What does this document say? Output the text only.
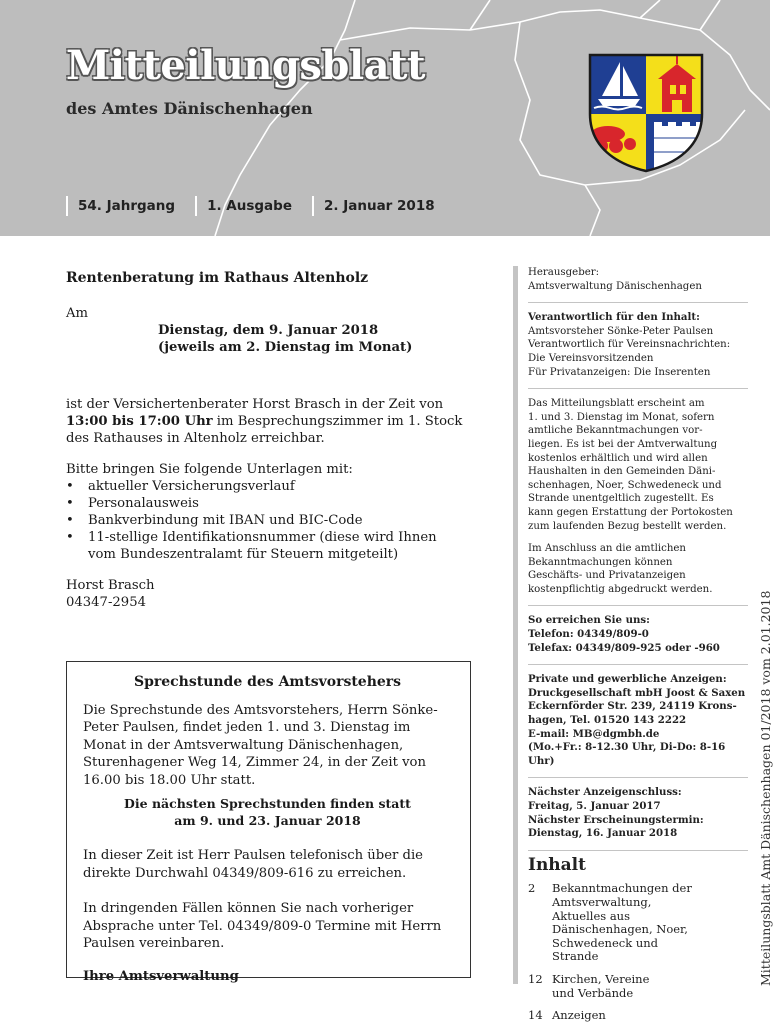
Mitteilungsblatt
des Amtes Dänischenhagen
54. Jahrgang	1. Ausgabe	2. Januar 2018
Rentenberatung im Rathaus Altenholz

Am

Dienstag, dem 9. Januar 2018

(jeweils am 2. Dienstag im Monat)

ist der Versichertenberater Horst Brasch in der Zeit von
13:00 bis 17:00 Uhr im Besprechungszimmer im 1. Stock des Rathauses in Altenholz erreichbar.

Bitte bringen Sie folgende Unterlagen mit:

• aktueller Versicherungsverlauf
• Personalausweis
• Bankverbindung mit IBAN und BIC-Code
• 11-stellige Identifikationsnummer (diese wird Ihnen vom Bundeszentralamt für Steuern mitgeteilt)

Horst Brasch

04347-2954

Sprechstunde des Amtsvorstehers

Die Sprechstunde des Amtsvorstehers, Herrn Sönke-Peter Paulsen, findet jeden 1. und 3. Dienstag im Monat in der Amtsverwaltung Dänischenhagen, Sturenhagener Weg 14, Zimmer 24, in der Zeit von 16.00 bis 18.00 Uhr statt.

Die nächsten Sprechstunden finden statt
am 9. und 23. Januar 2018

In dieser Zeit ist Herr Paulsen telefonisch über die direkte Durchwahl 04349/809-616 zu erreichen.

In dringenden Fällen können Sie nach vorheriger Absprache unter Tel. 04349/809-0 Termine mit Herrn Paulsen vereinbaren.

Ihre Amtsverwaltung

Herausgeber:
Amtsverwaltung Dänischenhagen
Verantwortlich für den Inhalt:
Amtsvorsteher Sönke-Peter Paulsen
Verantwortlich für Vereinsnachrichten:
Die Vereinsvorsitzenden
Für Privatanzeigen: Die Inserenten
Das Mitteilungsblatt erscheint am
1. und 3. Dienstag im Monat, sofern
amtliche Bekanntmachungen vor-
liegen. Es ist bei der Amtverwaltung
kostenlos erhältlich und wird allen
Haushalten in den Gemeinden Däni-
schenhagen, Noer, Schwedeneck und
Strande unentgeltlich zugestellt. Es
kann gegen Erstattung der Portokosten
zum laufenden Bezug bestellt werden.
Im Anschluss an die amtlichen
Bekanntmachungen können
Geschäfts- und Privatanzeigen
kostenpflichtig abgedruckt werden.
So erreichen Sie uns:
Telefon: 04349/809-0
Telefax: 04349/809-925 oder -960
Private und gewerbliche Anzeigen:
Druckgesellschaft mbH Joost & Saxen
Eckernförder Str. 239, 24119 Krons-
hagen, Tel. 01520 143 2222
E-mail: MB@dgmbh.de
(Mo.+Fr.: 8-12.30 Uhr, Di-Do: 8-16 Uhr)
Nächster Anzeigenschluss:
Freitag, 5. Januar 2017
Nächster Erscheinungstermin:
Dienstag, 16. Januar 2018
Inhalt
2	Bekanntmachungen der Amtsverwaltung, Aktuelles aus Dänischenhagen, Noer, Schwedeneck und Strande
12 Kirchen, Vereine und Verbände
14 Anzeigen
Mitteilungsblatt Amt Dänischenhagen 01/2018 vom 2.01.2018
